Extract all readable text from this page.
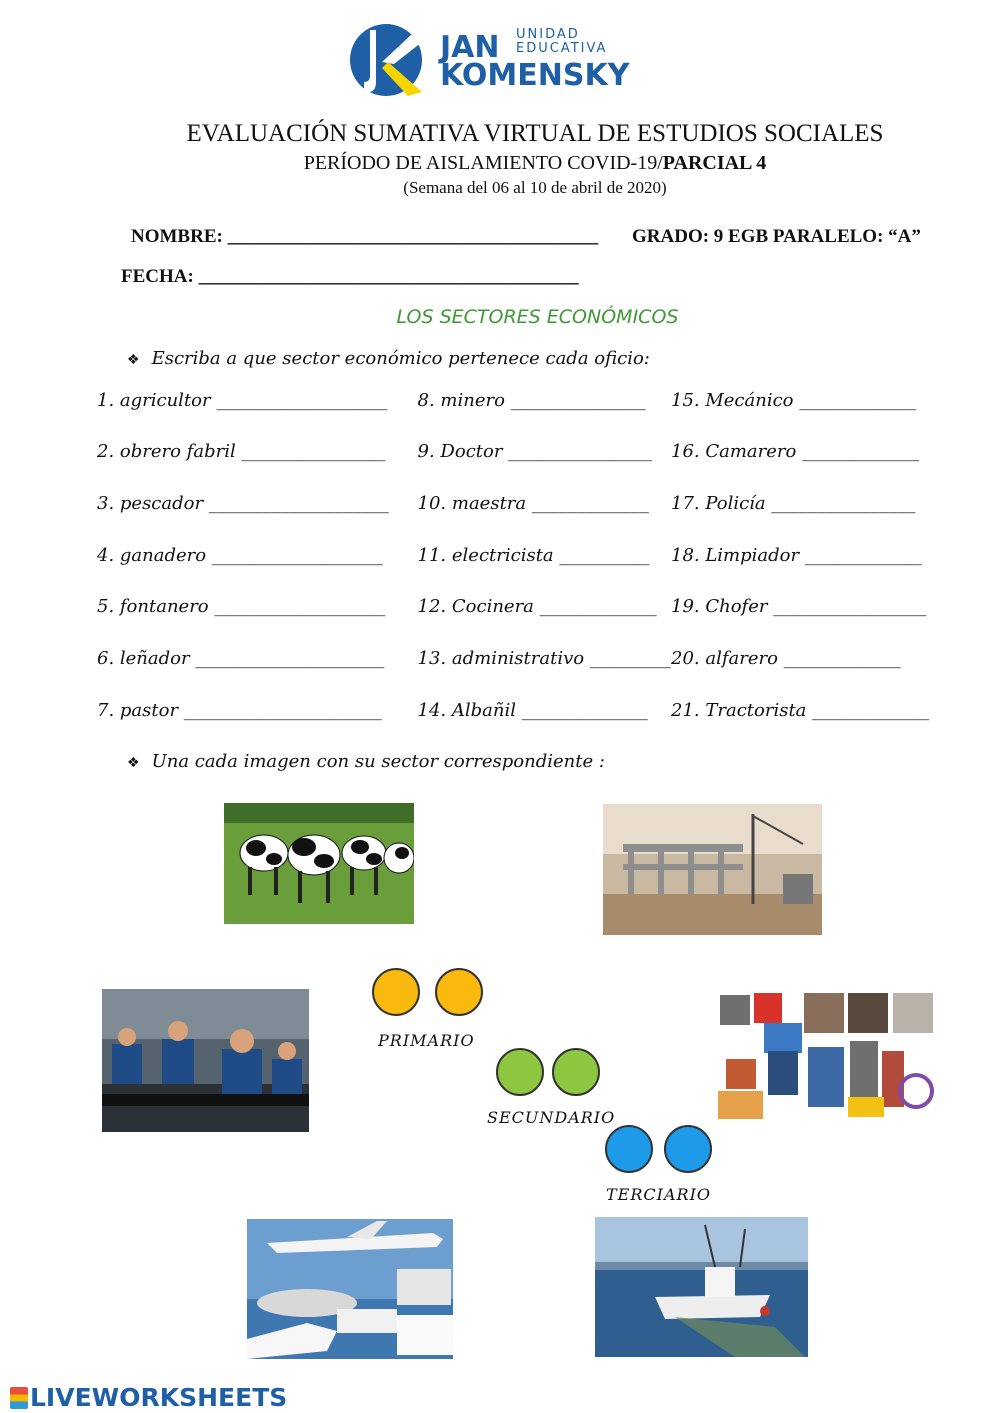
JAN UNIDAD
EDUCATIVA
KOMENSKY
EVALUACIÓN SUMATIVA VIRTUAL DE ESTUDIOS SOCIALES
PERÍODO DE AISLAMIENTO COVID-19/PARCIAL 4
(Semana del 06 al 10 de abril de 2020)
NOMBRE: _______________________________________ GRADO: 9 EGB PARALELO: “A”
FECHA: ________________________________________
LOS SECTORES ECONÓMICOS
❖ Escriba a que sector económico pertenece cada oficio:
1. agricultor ___________________	8. minero _______________	15. Mecánico _____________
2. obrero fabril ________________	9. Doctor ________________	16. Camarero _____________
3. pescador ____________________	10. maestra _____________	17. Policía ________________
4. ganadero ___________________	11. electricista __________	18. Limpiador _____________
5. fontanero ___________________	12. Cocinera _____________ 19. Chofer _________________
6. leñador _____________________	13. administrativo _________ 20. alfarero _____________
7. pastor ______________________	14. Albañil ______________	21. Tractorista _____________
❖ Una cada imagen con su sector correspondiente :
PRIMARIO
SECUNDARIO
TERCIARIO
LIVEWORKSHEETS
